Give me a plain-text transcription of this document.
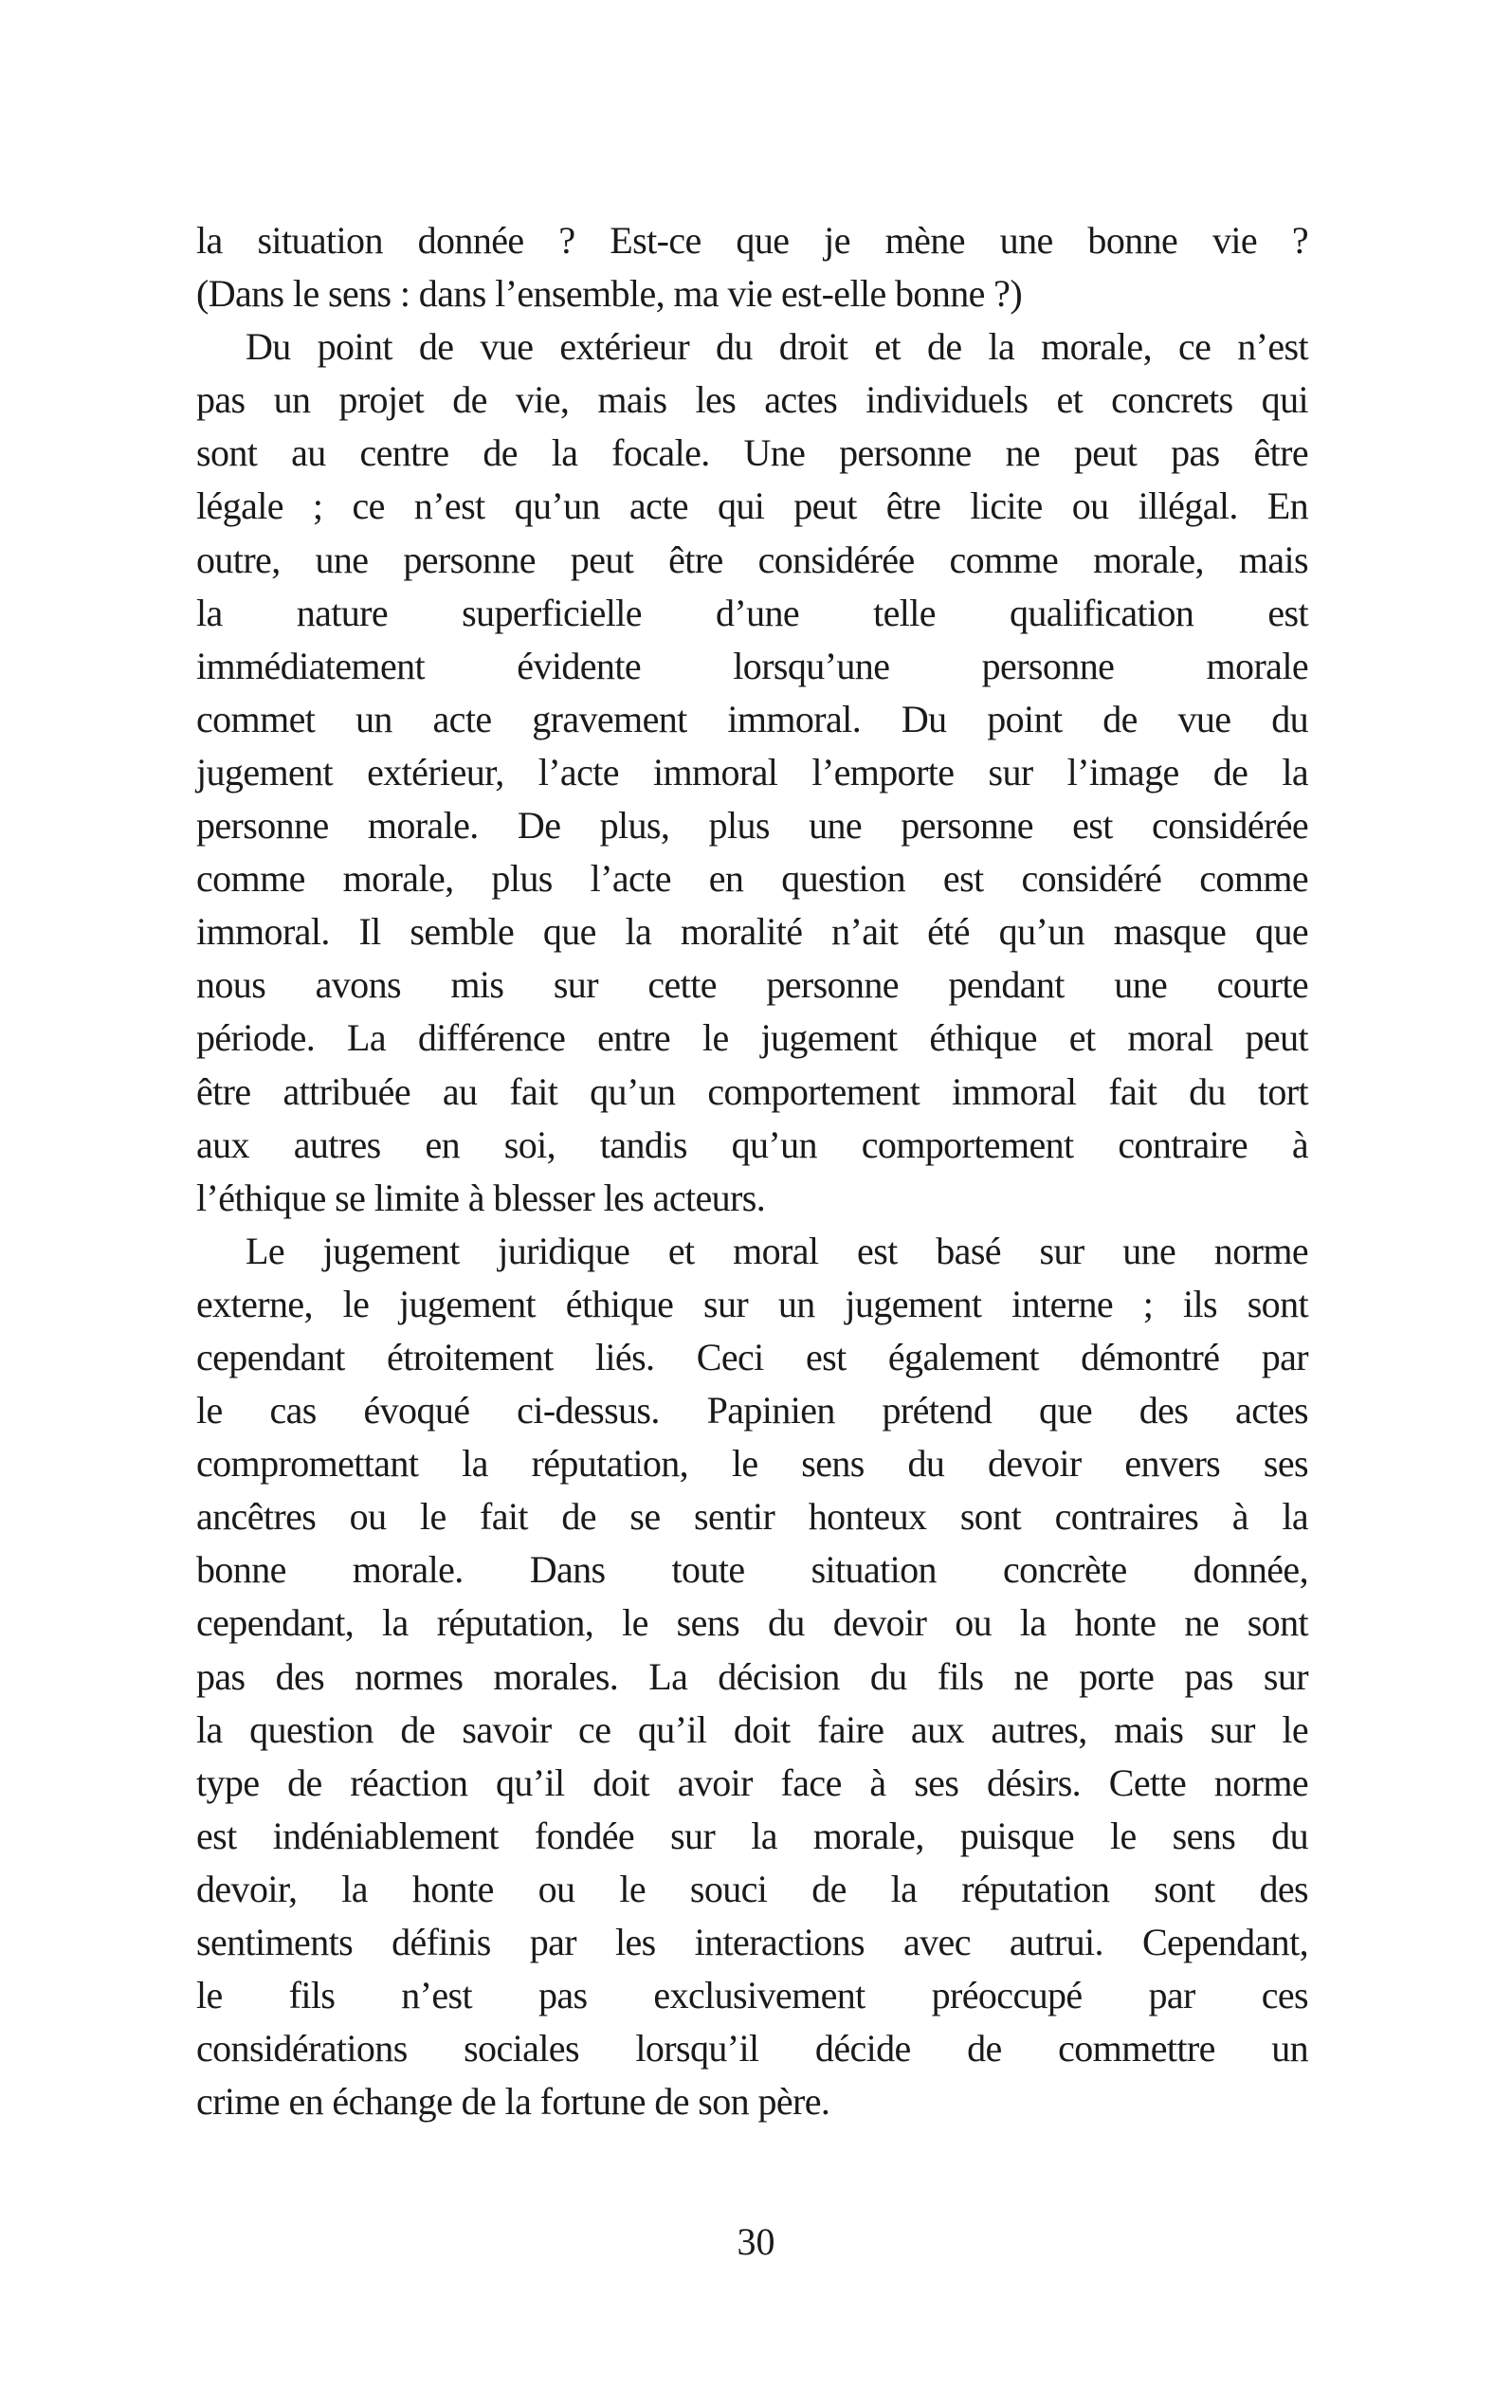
la situation donnée ? Est-ce que je mène une bonne vie ?
(Dans le sens : dans l’ensemble, ma vie est-elle bonne ?)
Du point de vue extérieur du droit et de la morale, ce n’est
pas un projet de vie, mais les actes individuels et concrets qui
sont au centre de la focale. Une personne ne peut pas être
légale ; ce n’est qu’un acte qui peut être licite ou illégal. En
outre, une personne peut être considérée comme morale, mais
la nature superficielle d’une telle qualification est
immédiatement évidente lorsqu’une personne morale
commet un acte gravement immoral. Du point de vue du
jugement extérieur, l’acte immoral l’emporte sur l’image de la
personne morale. De plus, plus une personne est considérée
comme morale, plus l’acte en question est considéré comme
immoral. Il semble que la moralité n’ait été qu’un masque que
nous avons mis sur cette personne pendant une courte
période. La différence entre le jugement éthique et moral peut
être attribuée au fait qu’un comportement immoral fait du tort
aux autres en soi, tandis qu’un comportement contraire à
l’éthique se limite à blesser les acteurs.
Le jugement juridique et moral est basé sur une norme
externe, le jugement éthique sur un jugement interne ; ils sont
cependant étroitement liés. Ceci est également démontré par
le cas évoqué ci-dessus. Papinien prétend que des actes
compromettant la réputation, le sens du devoir envers ses
ancêtres ou le fait de se sentir honteux sont contraires à la
bonne morale. Dans toute situation concrète donnée,
cependant, la réputation, le sens du devoir ou la honte ne sont
pas des normes morales. La décision du fils ne porte pas sur
la question de savoir ce qu’il doit faire aux autres, mais sur le
type de réaction qu’il doit avoir face à ses désirs. Cette norme
est indéniablement fondée sur la morale, puisque le sens du
devoir, la honte ou le souci de la réputation sont des
sentiments définis par les interactions avec autrui. Cependant,
le fils n’est pas exclusivement préoccupé par ces
considérations sociales lorsqu’il décide de commettre un
crime en échange de la fortune de son père.
30
